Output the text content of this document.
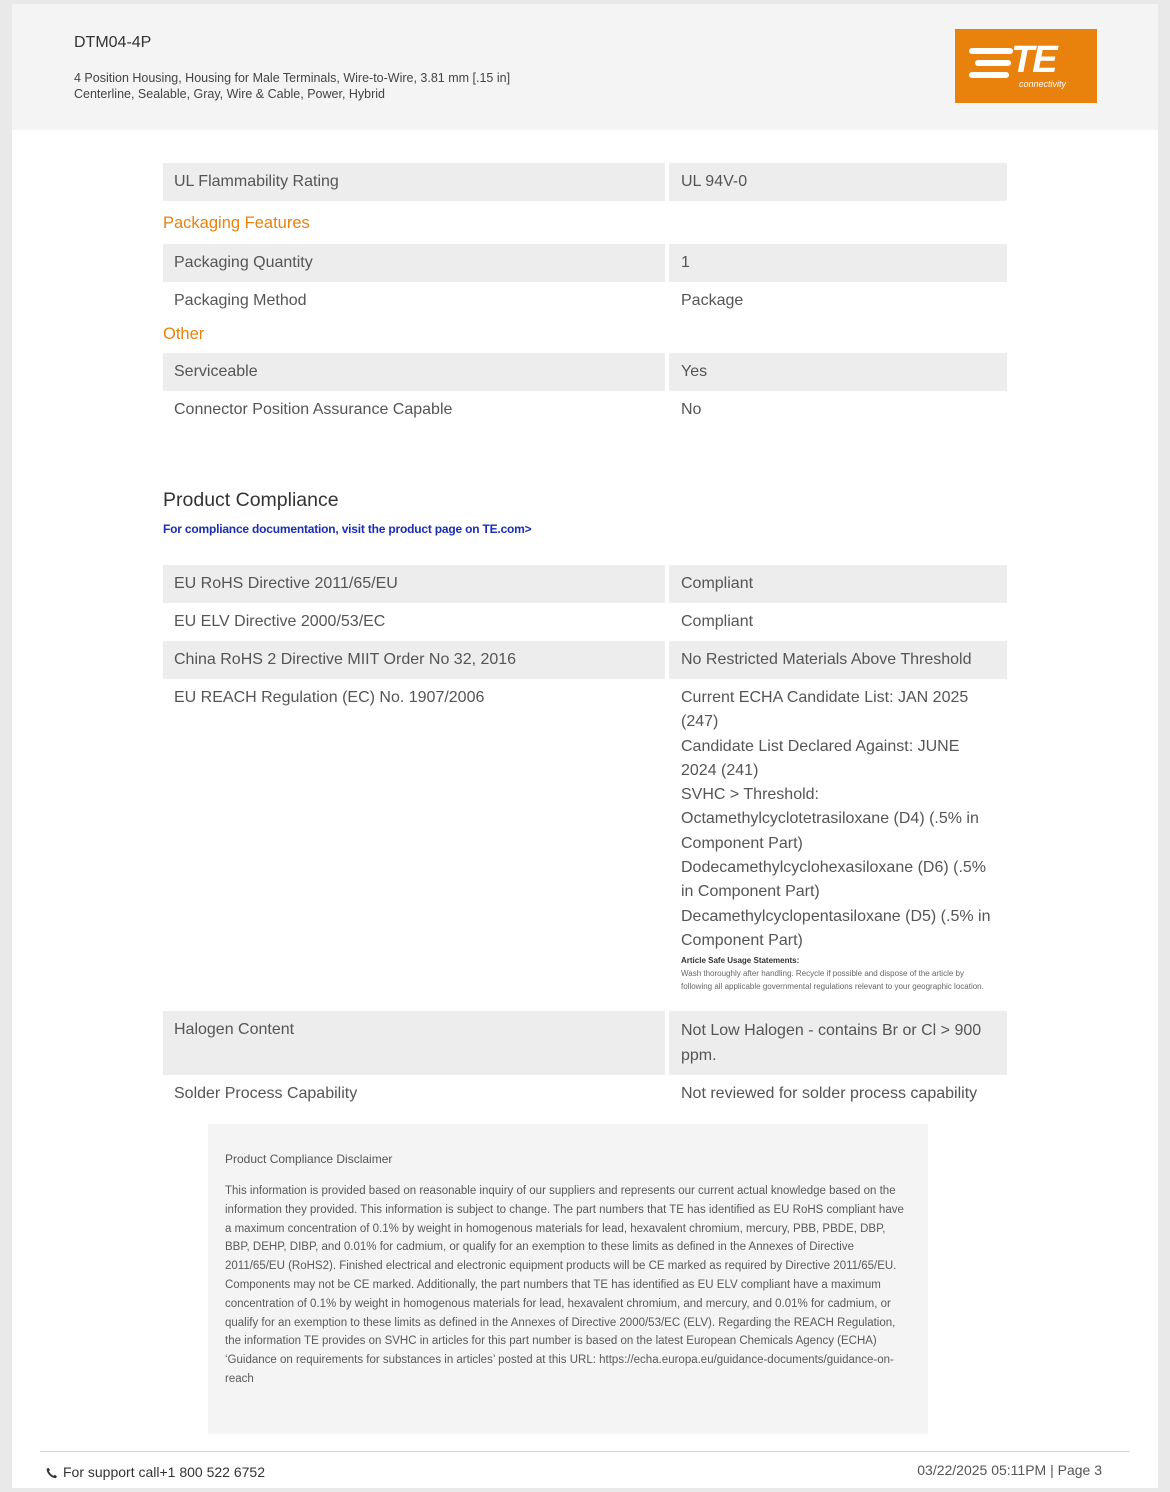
DTM04-4P
4 Position Housing, Housing for Male Terminals, Wire-to-Wire, 3.81 mm [.15 in]
Centerline, Sealable, Gray, Wire & Cable, Power, Hybrid
TE
connectivity
UL Flammability Rating	UL 94V-0
Packaging Features
Packaging Quantity	1
Packaging Method	Package
Other
Serviceable	Yes
Connector Position Assurance Capable	No
Product Compliance
For compliance documentation, visit the product page on TE.com>
EU RoHS Directive 2011/65/EU	Compliant
EU ELV Directive 2000/53/EC	Compliant
China RoHS 2 Directive MIIT Order No 32, 2016	No Restricted Materials Above Threshold
EU REACH Regulation (EC) No. 1907/2006	Current ECHA Candidate List: JAN 2025 (247)
Candidate List Declared Against: JUNE 2024 (241)
SVHC > Threshold:
Octamethylcyclotetrasiloxane (D4) (.5% in Component Part)
Dodecamethylcyclohexasiloxane (D6) (.5% in Component Part)
Decamethylcyclopentasiloxane (D5) (.5% in Component Part)
Article Safe Usage Statements:
Wash thoroughly after handling. Recycle if possible and dispose of the article by following all applicable governmental regulations relevant to your geographic location.
Halogen Content	Not Low Halogen - contains Br or Cl > 900 ppm.
Solder Process Capability	Not reviewed for solder process capability
Product Compliance Disclaimer
This information is provided based on reasonable inquiry of our suppliers and represents our current actual knowledge based on the information they provided. This information is subject to change. The part numbers that TE has identified as EU RoHS compliant have a maximum concentration of 0.1% by weight in homogenous materials for lead, hexavalent chromium, mercury, PBB, PBDE, DBP, BBP, DEHP, DIBP, and 0.01% for cadmium, or qualify for an exemption to these limits as defined in the Annexes of Directive 2011/65/EU (RoHS2). Finished electrical and electronic equipment products will be CE marked as required by Directive 2011/65/EU. Components may not be CE marked. Additionally, the part numbers that TE has identified as EU ELV compliant have a maximum concentration of 0.1% by weight in homogenous materials for lead, hexavalent chromium, and mercury, and 0.01% for cadmium, or qualify for an exemption to these limits as defined in the Annexes of Directive 2000/53/EC (ELV). Regarding the REACH Regulation, the information TE provides on SVHC in articles for this part number is based on the latest European Chemicals Agency (ECHA) ‘Guidance on requirements for substances in articles’ posted at this URL: https://echa.europa.eu/guidance-documents/guidance-on-reach
For support call+1 800 522 6752	03/22/2025 05:11PM | Page 3
